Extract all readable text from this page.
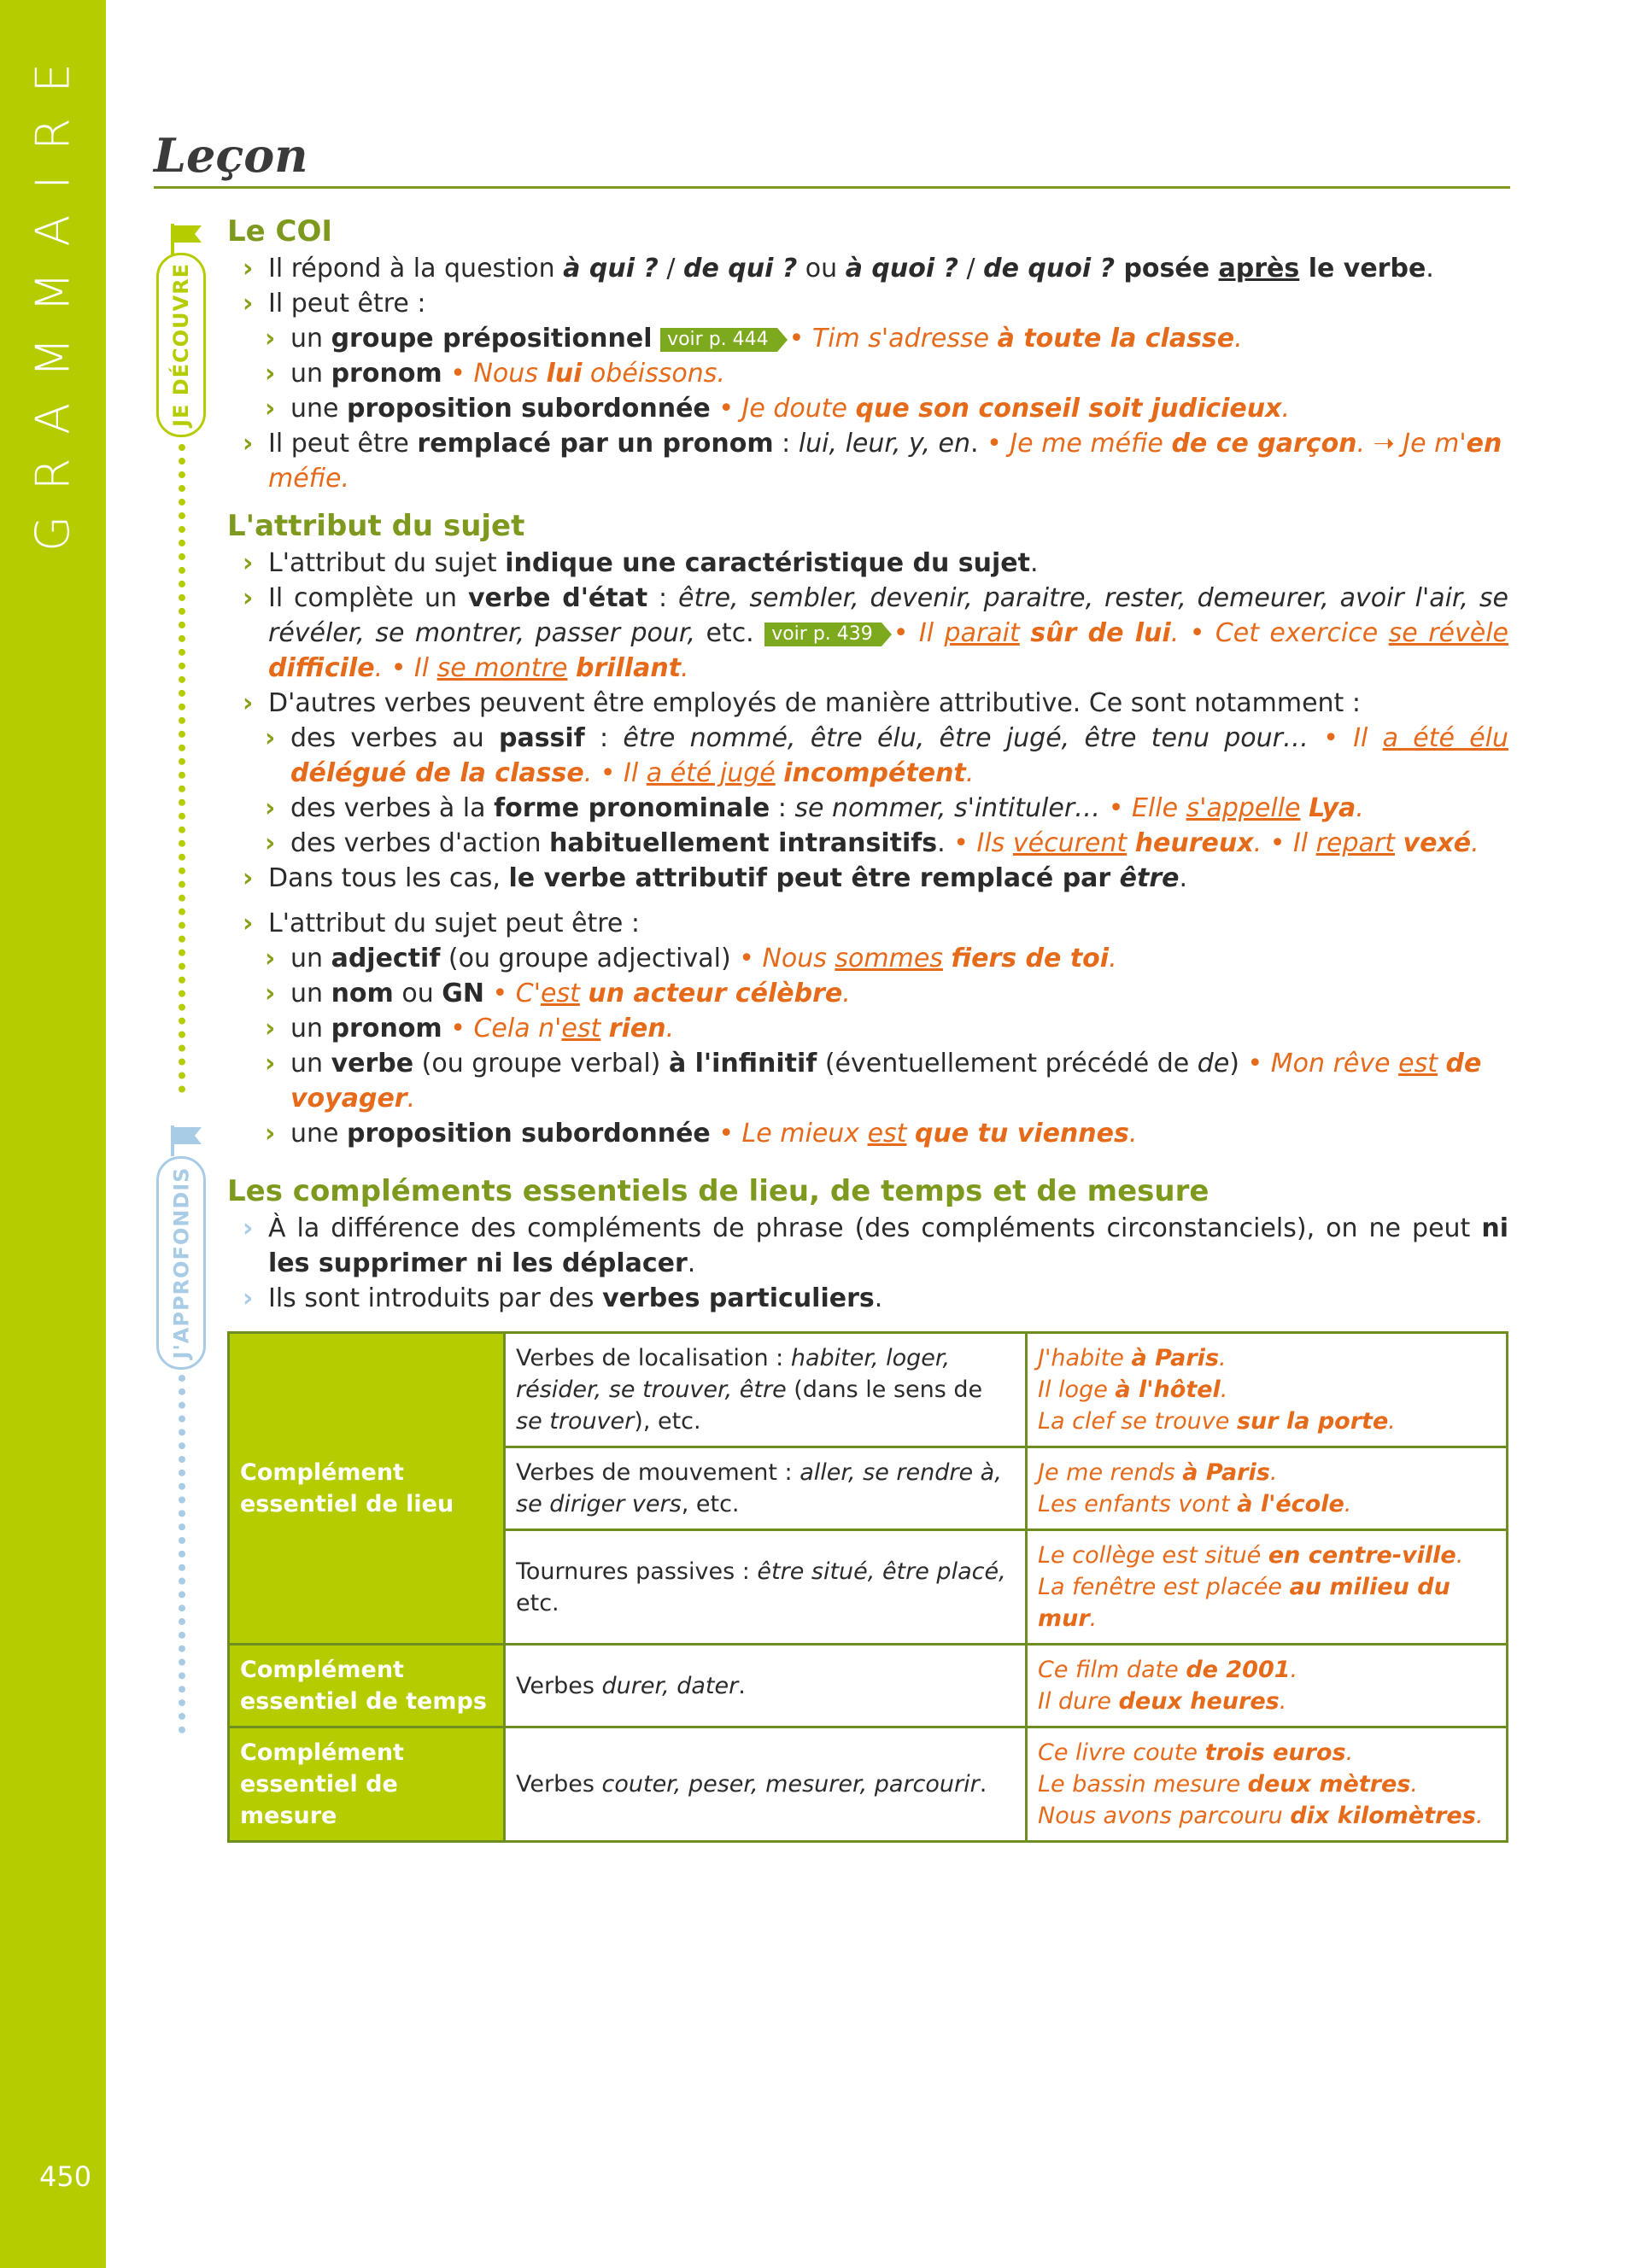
GRAMMAIRE
450
Leçon
JE DÉCOUVRE
J'APPROFONDIS
Le COI

› Il répond à la question à qui ? / de qui ? ou à quoi ? / de quoi ? posée après le verbe.

› Il peut être :

› un groupe prépositionnel voir p. 444 • Tim s'adresse à toute la classe.

› un pronom • Nous lui obéissons.

› une proposition subordonnée • Je doute que son conseil soit judicieux.

› Il peut être remplacé par un pronom : lui, leur, y, en. • Je me méfie de ce garçon. ➝ Je m'en méfie.

L'attribut du sujet

› L'attribut du sujet indique une caractéristique du sujet.

› Il complète un verbe d'état : être, sembler, devenir, paraitre, rester, demeurer, avoir l'air, se révéler, se montrer, passer pour, etc. voir p. 439 • Il parait sûr de lui. • Cet exercice se révèle difficile. • Il se montre brillant.

› D'autres verbes peuvent être employés de manière attributive. Ce sont notamment :

› des verbes au passif : être nommé, être élu, être jugé, être tenu pour… • Il a été élu délégué de la classe. • Il a été jugé incompétent.

› des verbes à la forme pronominale : se nommer, s'intituler… • Elle s'appelle Lya.

› des verbes d'action habituellement intransitifs. • Ils vécurent heureux. • Il repart vexé.

› Dans tous les cas, le verbe attributif peut être remplacé par être.

› L'attribut du sujet peut être :

› un adjectif (ou groupe adjectival) • Nous sommes fiers de toi.

› un nom ou GN • C'est un acteur célèbre.

› un pronom • Cela n'est rien.

› un verbe (ou groupe verbal) à l'infinitif (éventuellement précédé de de) • Mon rêve est de voyager.

› une proposition subordonnée • Le mieux est que tu viennes.

Les compléments essentiels de lieu, de temps et de mesure

› À la différence des compléments de phrase (des compléments circonstanciels), on ne peut ni les supprimer ni les déplacer.

› Ils sont introduits par des verbes particuliers.

Complément essentiel de lieu	Verbes de localisation : habiter, loger, résider, se trouver, être (dans le sens de se trouver), etc.	J'habite à Paris.
Il loge à l'hôtel.
La clef se trouve sur la porte.
	Verbes de mouvement : aller, se rendre à, se diriger vers, etc.	Je me rends à Paris.
Les enfants vont à l'école.
	Tournures passives : être situé, être placé, etc.	Le collège est situé en centre-ville.
La fenêtre est placée au milieu du mur.
Complément essentiel de temps	Verbes durer, dater.	Ce film date de 2001.
Il dure deux heures.
Complément essentiel de mesure	Verbes couter, peser, mesurer, parcourir.	Ce livre coute trois euros.
Le bassin mesure deux mètres.
Nous avons parcouru dix kilomètres.
